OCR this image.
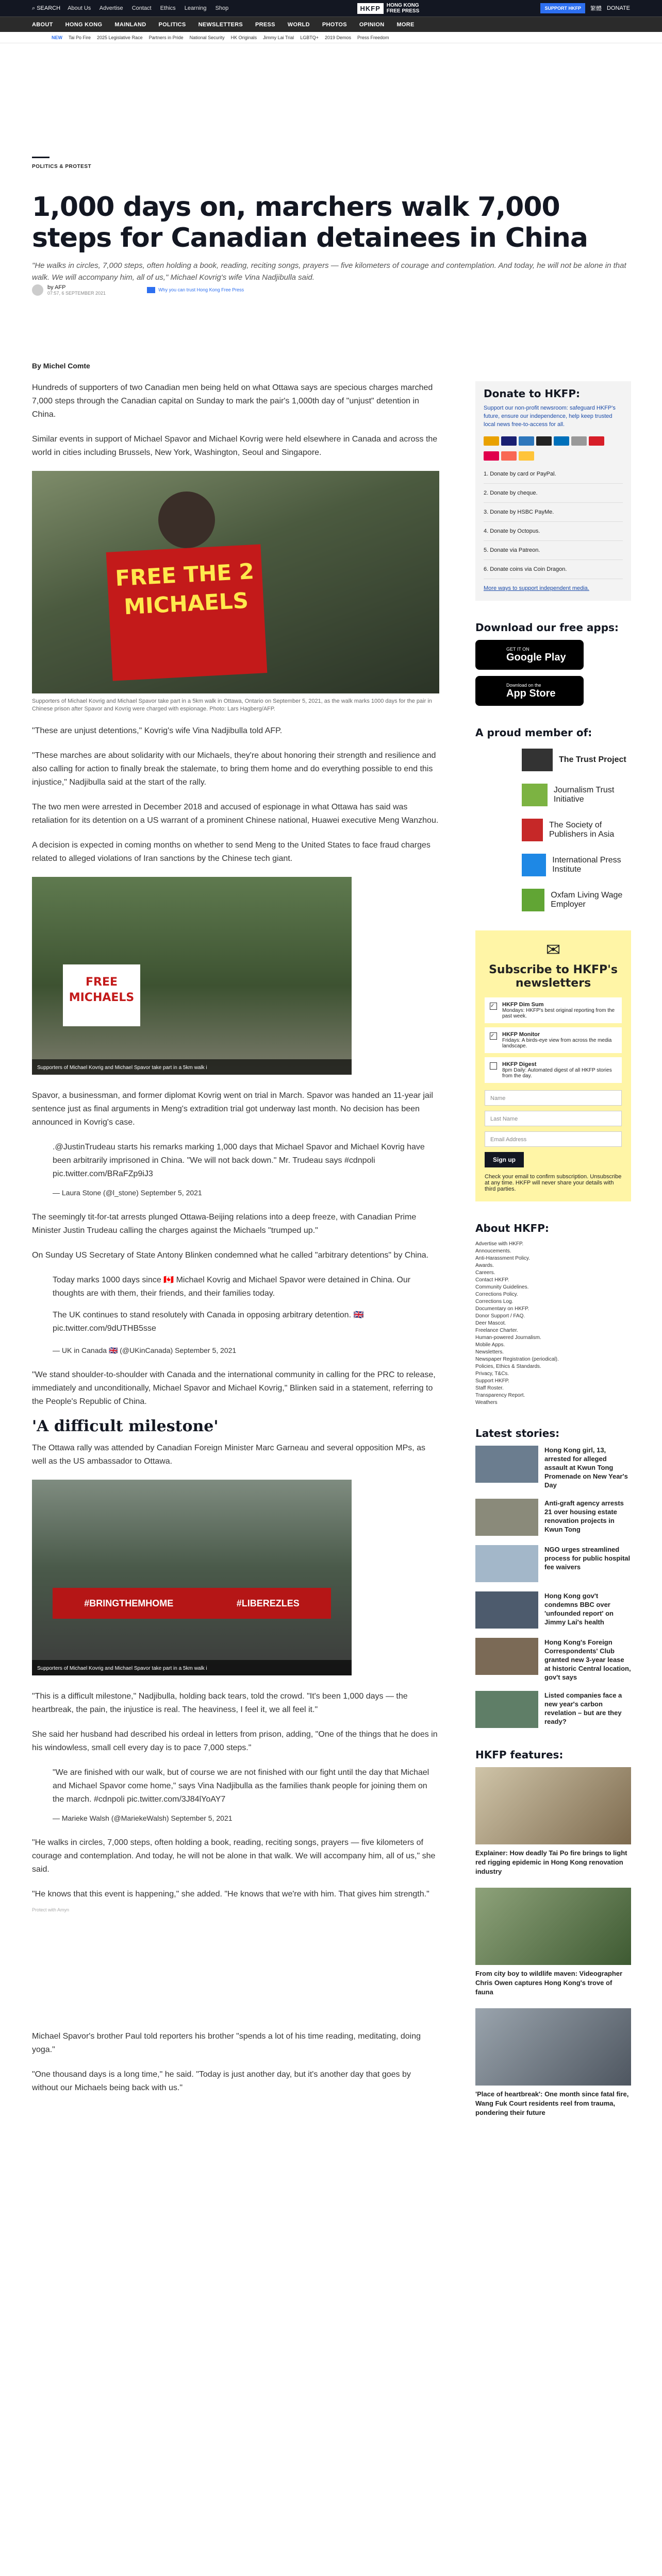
⌕ SEARCH About Us Advertise Contact Ethics Learning Shop	HKFP	HONG KONG
FREE PRESS	SUPPORT HKFP	繁體 DONATE
ABOUT HONG KONG MAINLAND POLITICS NEWSLETTERS PRESS WORLD PHOTOS OPINION MORE
NEW Tai Po Fire 2025 Legislative Race Partners in Pride National Security HK Originals Jimmy Lai Trial LGBTQ+ 2019 Demos Press Freedom
POLITICS & PROTEST
1,000 days on, marchers walk 7,000 steps for Canadian detainees in China

"He walks in circles, 7,000 steps, often holding a book, reading, reciting songs, prayers — five kilometers of courage and contemplation. And today, he will not be alone in that walk. We will accompany him, all of us," Michael Kovrig's wife Vina Nadjibulla said.

by AFP
07:57, 6 SEPTEMBER 2021
Why you can trust Hong Kong Free Press
By Michel Comte

Hundreds of supporters of two Canadian men being held on what Ottawa says are specious charges marched 7,000 steps through the Canadian capital on Sunday to mark the pair's 1,000th day of "unjust" detention in China.

Similar events in support of Michael Spavor and Michael Kovrig were held elsewhere in Canada and across the world in cities including Brussels, New York, Washington, Seoul and Singapore.

FREE THE 2 MICHAELS

Supporters of Michael Kovrig and Michael Spavor take part in a 5km walk in Ottawa, Ontario on September 5, 2021, as the walk marks 1000 days for the pair in Chinese prison after Spavor and Kovrig were charged with espionage. Photo: Lars Hagberg/AFP.

"These are unjust detentions," Kovrig's wife Vina Nadjibulla told AFP.

"These marches are about solidarity with our Michaels, they're about honoring their strength and resilience and also calling for action to finally break the stalemate, to bring them home and do everything possible to end this injustice," Nadjibulla said at the start of the rally.

The two men were arrested in December 2018 and accused of espionage in what Ottawa has said was retaliation for its detention on a US warrant of a prominent Chinese national, Huawei executive Meng Wanzhou.

A decision is expected in coming months on whether to send Meng to the United States to face fraud charges related to alleged violations of Iran sanctions by the Chinese tech giant.

FREE MICHAELS
Supporters of Michael Kovrig and Michael Spavor take part in a 5km walk i
gettyimages

Spavor, a businessman, and former diplomat Kovrig went on trial in March. Spavor was handed an 11-year jail sentence just as final arguments in Meng's extradition trial got underway last month. No decision has been announced in Kovrig's case.

.@JustinTrudeau starts his remarks marking 1,000 days that Michael Spavor and Michael Kovrig have been arbitrarily imprisoned in China. "We will not back down." Mr. Trudeau says #cdnpoli pic.twitter.com/BRaFZp9iJ3

— Laura Stone (@l_stone) September 5, 2021

The seemingly tit-for-tat arrests plunged Ottawa-Beijing relations into a deep freeze, with Canadian Prime Minister Justin Trudeau calling the charges against the Michaels "trumped up."

On Sunday US Secretary of State Antony Blinken condemned what he called "arbitrary detentions" by China.

Today marks 1000 days since 🇨🇦 Michael Kovrig and Michael Spavor were detained in China. Our thoughts are with them, their friends, and their families today.

The UK continues to stand resolutely with Canada in opposing arbitrary detention. 🇬🇧 pic.twitter.com/9dUTHB5sse

— UK in Canada 🇬🇧 (@UKinCanada) September 5, 2021

"We stand shoulder-to-shoulder with Canada and the international community in calling for the PRC to release, immediately and unconditionally, Michael Spavor and Michael Kovrig," Blinken said in a statement, referring to the People's Republic of China.

'A difficult milestone'

The Ottawa rally was attended by Canadian Foreign Minister Marc Garneau and several opposition MPs, as well as the US ambassador to Ottawa.

#BRINGTHEMHOME	#LIBEREZLES
Supporters of Michael Kovrig and Michael Spavor take part in a 5km walk i
gettyimages

"This is a difficult milestone," Nadjibulla, holding back tears, told the crowd. "It's been 1,000 days — the heartbreak, the pain, the injustice is real. The heaviness, I feel it, we all feel it."

She said her husband had described his ordeal in letters from prison, adding, "One of the things that he does in his windowless, small cell every day is to pace 7,000 steps."

"We are finished with our walk, but of course we are not finished with our fight until the day that Michael and Michael Spavor come home," says Vina Nadjibulla as the families thank people for joining them on the march. #cdnpoli pic.twitter.com/3J84lYoAY7

— Marieke Walsh (@MariekeWalsh) September 5, 2021

"He walks in circles, 7,000 steps, often holding a book, reading, reciting songs, prayers — five kilometers of courage and contemplation. And today, he will not be alone in that walk. We will accompany him, all of us," she said.

"He knows that this event is happening," she added. "He knows that we're with him. That gives him strength."

Protect with Amyn

Michael Spavor's brother Paul told reporters his brother "spends a lot of his time reading, meditating, doing yoga."

"One thousand days is a long time," he said. "Today is just another day, but it's another day that goes by without our Michaels being back with us."

Donate to HKFP:

Support our non-profit newsroom: safeguard HKFP's future, ensure our independence, help keep trusted local news free-to-access for all.

1. Donate by card or PayPal.
2. Donate by cheque.
3. Donate by HSBC PayMe.
4. Donate by Octopus.
5. Donate via Patreon.
6. Donate coins via Coin Dragon.
More ways to support independent media.
Download our free apps:
GET IT ON
Google Play
Download on the
App Store
A proud member of:
The Trust Project
Journalism Trust Initiative
The Society of Publishers in Asia
International Press Institute
Oxfam Living Wage Employer
✉
Subscribe to HKFP's newsletters
✓	HKFP Dim Sum
Mondays: HKFP's best original reporting from the past week.
✓	HKFP Monitor
Fridays: A birds-eye view from across the media landscape.
HKFP Digest
8pm Daily: Automated digest of all HKFP stories from the day.
Name
Last Name
Email Address
Sign up

Check your email to confirm subscription. Unsubscribe at any time. HKFP will never share your details with third parties.

About HKFP:
Advertise with HKFP.
Annoucements.
Anti-Harassment Policy.
Awards.
Careers.
Contact HKFP.
Community Guidelines.
Corrections Policy.
Corrections Log.
Documentary on HKFP.
Donor Support / FAQ.
Deer Mascot.
Freelance Charter.
Human-powered Journalism.
Mobile Apps.
Newsletters.
Newspaper Registration (periodical).
Policies, Ethics & Standards.
Privacy, T&Cs.
Support HKFP.
Staff Roster.
Transparency Report.
Weathers
Latest stories:
Hong Kong girl, 13, arrested for alleged assault at Kwun Tong Promenade on New Year's Day
Anti-graft agency arrests 21 over housing estate renovation projects in Kwun Tong
NGO urges streamlined process for public hospital fee waivers
Hong Kong gov't condemns BBC over 'unfounded report' on Jimmy Lai's health
Hong Kong's Foreign Correspondents' Club granted new 3-year lease at historic Central location, gov't says
Listed companies face a new year's carbon revelation – but are they ready?
HKFP features:
Explainer: How deadly Tai Po fire brings to light red rigging epidemic in Hong Kong renovation industry
From city boy to wildlife maven: Videographer Chris Owen captures Hong Kong's trove of fauna
'Place of heartbreak': One month since fatal fire, Wang Fuk Court residents reel from trauma, pondering their future
